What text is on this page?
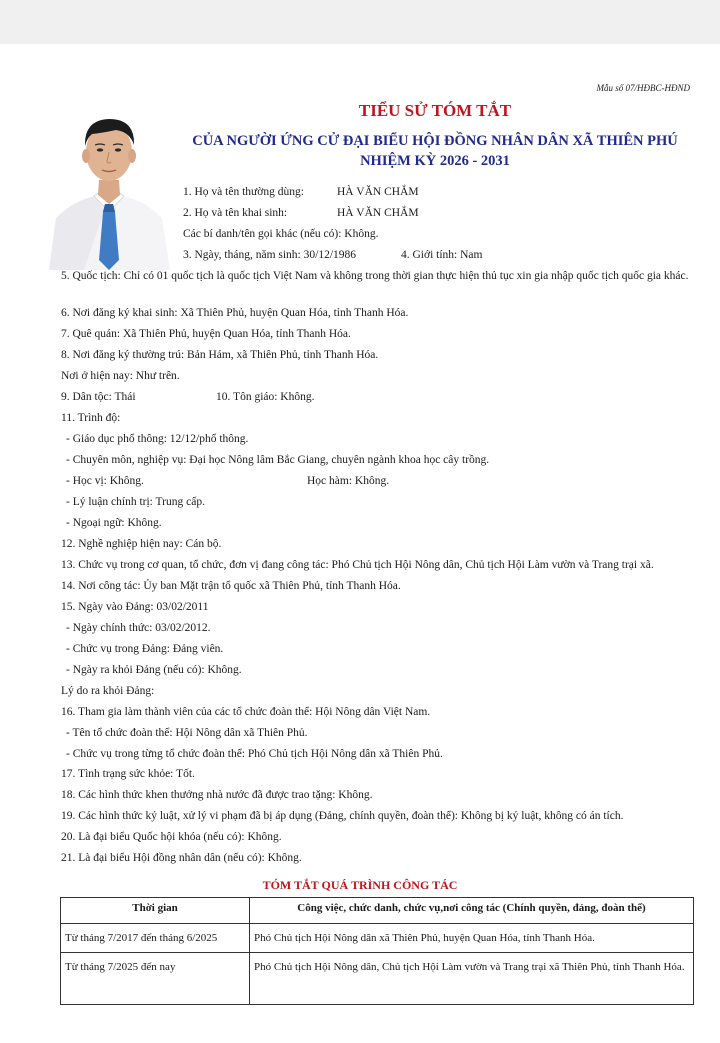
Mẫu số 07/HĐBC-HĐND
TIỂU SỬ TÓM TẮT
CỦA NGƯỜI ỨNG CỬ ĐẠI BIỂU HỘI ĐỒNG NHÂN DÂN XÃ THIÊN PHÚ
NHIỆM KỲ 2026 - 2031
1. Họ và tên thường dùng:	HÀ VĂN CHẮM
2. Họ và tên khai sinh:	HÀ VĂN CHẮM
Các bí danh/tên gọi khác (nếu có): Không.
3. Ngày, tháng, năm sinh: 30/12/1986	4. Giới tính: Nam
5. Quốc tịch: Chỉ có 01 quốc tịch là quốc tịch Việt Nam và không trong thời gian thực hiện thủ tục xin gia nhập quốc tịch quốc gia khác.
6. Nơi đăng ký khai sinh: Xã Thiên Phủ, huyện Quan Hóa, tỉnh Thanh Hóa.
7. Quê quán: Xã Thiên Phủ, huyện Quan Hóa, tỉnh Thanh Hóa.
8. Nơi đăng ký thường trú: Bản Hám, xã Thiên Phủ, tỉnh Thanh Hóa.
Nơi ở hiện nay: Như trên.
9. Dân tộc: Thái	10. Tôn giáo: Không.
11. Trình độ:
- Giáo dục phổ thông: 12/12/phổ thông.
- Chuyên môn, nghiệp vụ: Đại học Nông lâm Bắc Giang, chuyên ngành khoa học cây trồng.
- Học vị: Không.	Học hàm: Không.
- Lý luận chính trị: Trung cấp.
- Ngoại ngữ: Không.
12. Nghề nghiệp hiện nay: Cán bộ.
13. Chức vụ trong cơ quan, tổ chức, đơn vị đang công tác: Phó Chủ tịch Hội Nông dân, Chủ tịch Hội Làm vườn và Trang trại xã.
14. Nơi công tác: Ủy ban Mặt trận tổ quốc xã Thiên Phủ, tỉnh Thanh Hóa.
15. Ngày vào Đảng: 03/02/2011
- Ngày chính thức: 03/02/2012.
- Chức vụ trong Đảng: Đảng viên.
- Ngày ra khỏi Đảng (nếu có): Không.
Lý do ra khỏi Đảng:
16. Tham gia làm thành viên của các tổ chức đoàn thể: Hội Nông dân Việt Nam.
- Tên tổ chức đoàn thể: Hội Nông dân xã Thiên Phủ.
- Chức vụ trong từng tổ chức đoàn thể: Phó Chủ tịch Hội Nông dân xã Thiên Phủ.
17. Tình trạng sức khỏe: Tốt.
18. Các hình thức khen thưởng nhà nước đã được trao tặng: Không.
19. Các hình thức kỷ luật, xử lý vi phạm đã bị áp dụng (Đảng, chính quyền, đoàn thể): Không bị kỷ luật, không có án tích.
20. Là đại biểu Quốc hội khóa (nếu có): Không.
21. Là đại biểu Hội đồng nhân dân (nếu có): Không.
TÓM TẮT QUÁ TRÌNH CÔNG TÁC
Thời gian	Công việc, chức danh, chức vụ,nơi công tác (Chính quyền, đảng, đoàn thể)
Từ tháng 7/2017 đến tháng 6/2025	Phó Chủ tịch Hội Nông dân xã Thiên Phủ, huyện Quan Hóa, tỉnh Thanh Hóa.
Từ tháng 7/2025 đến nay	Phó Chủ tịch Hội Nông dân, Chủ tịch Hội Làm vườn và Trang trại xã Thiên Phủ, tỉnh Thanh Hóa.
